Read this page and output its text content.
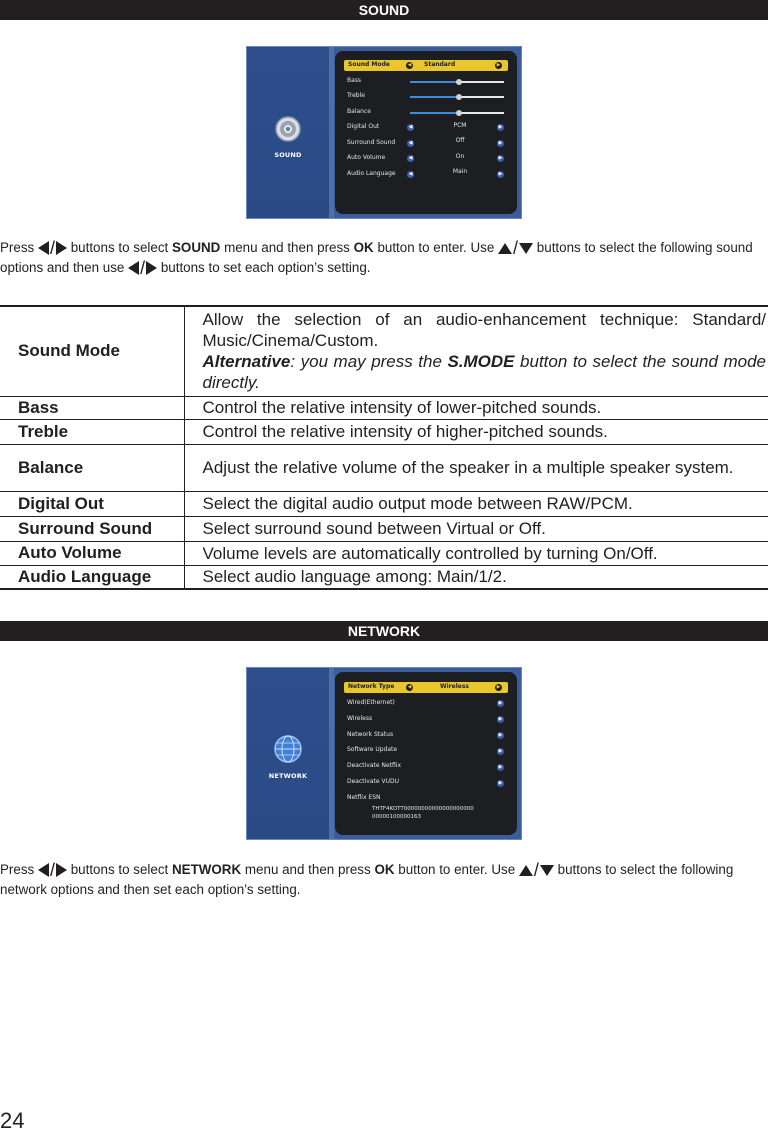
SOUND
SOUND
Sound Mode	◀ Standard	▶
Bass
Treble
Balance
Digital Out	◀	PCM	▶
Surround Sound	◀	Off	▶
Auto Volume	◀	On	▶
Audio Language	◀	Main	▶

Press / buttons to select SOUND menu and then press OK button to enter. Use / buttons to select the following sound options and then use / buttons to set each option’s setting.

Sound Mode	Allow the selection of an audio-enhancement technique: Standard/ Music/Cinema/Custom.
Alternative: you may press the S.MODE button to select the sound mode directly.
Bass	Control the relative intensity of lower-pitched sounds.
Treble	Control the relative intensity of higher-pitched sounds.
Balance	Adjust the relative volume of the speaker in a multiple speaker system.
Digital Out	Select the digital audio output mode between RAW/PCM.
Surround Sound	Select surround sound between Virtual or Off.
Auto Volume	Volume levels are automatically controlled by turning On/Off.
Audio Language	Select audio language among: Main/1/2.
NETWORK
NETWORK
Network Type	◀	Wireless	▶
Wired(Ethernet)	▶
Wireless	▶
Network Status	▶
Software Update	▶
Deactivate Netflix	▶
Deactivate VUDU	▶
Netflix ESN
THTF4KOTT00000000000000000000
00000100000163

Press / buttons to select NETWORK menu and then press OK button to enter. Use / buttons to select the following network options and then set each option’s setting.

24
